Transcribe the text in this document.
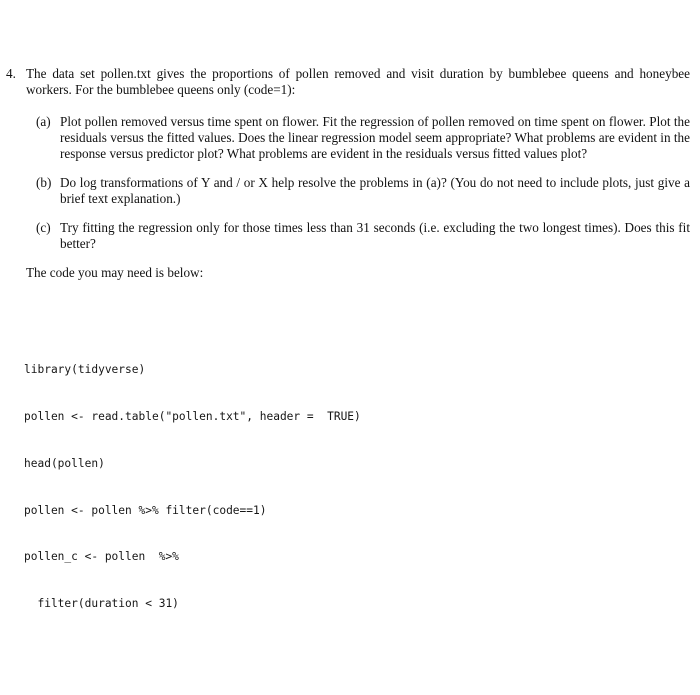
4. The data set pollen.txt gives the proportions of pollen removed and visit duration by bumblebee queens and honeybee workers. For the bumblebee queens only (code=1):
(a) Plot pollen removed versus time spent on flower. Fit the regression of pollen removed on time spent on flower. Plot the residuals versus the fitted values. Does the linear regression model seem appropriate? What problems are evident in the response versus predictor plot? What problems are evident in the residuals versus fitted values plot?
(b) Do log transformations of Y and / or X help resolve the problems in (a)? (You do not need to include plots, just give a brief text explanation.)
(c) Try fitting the regression only for those times less than 31 seconds (i.e. excluding the two longest times). Does this fit better?
The code you may need is below:

library(tidyverse)

pollen <- read.table("pollen.txt", header =  TRUE)

head(pollen)

pollen <- pollen %>% filter(code==1)

pollen_c <- pollen  %>%

filter(duration < 31)
